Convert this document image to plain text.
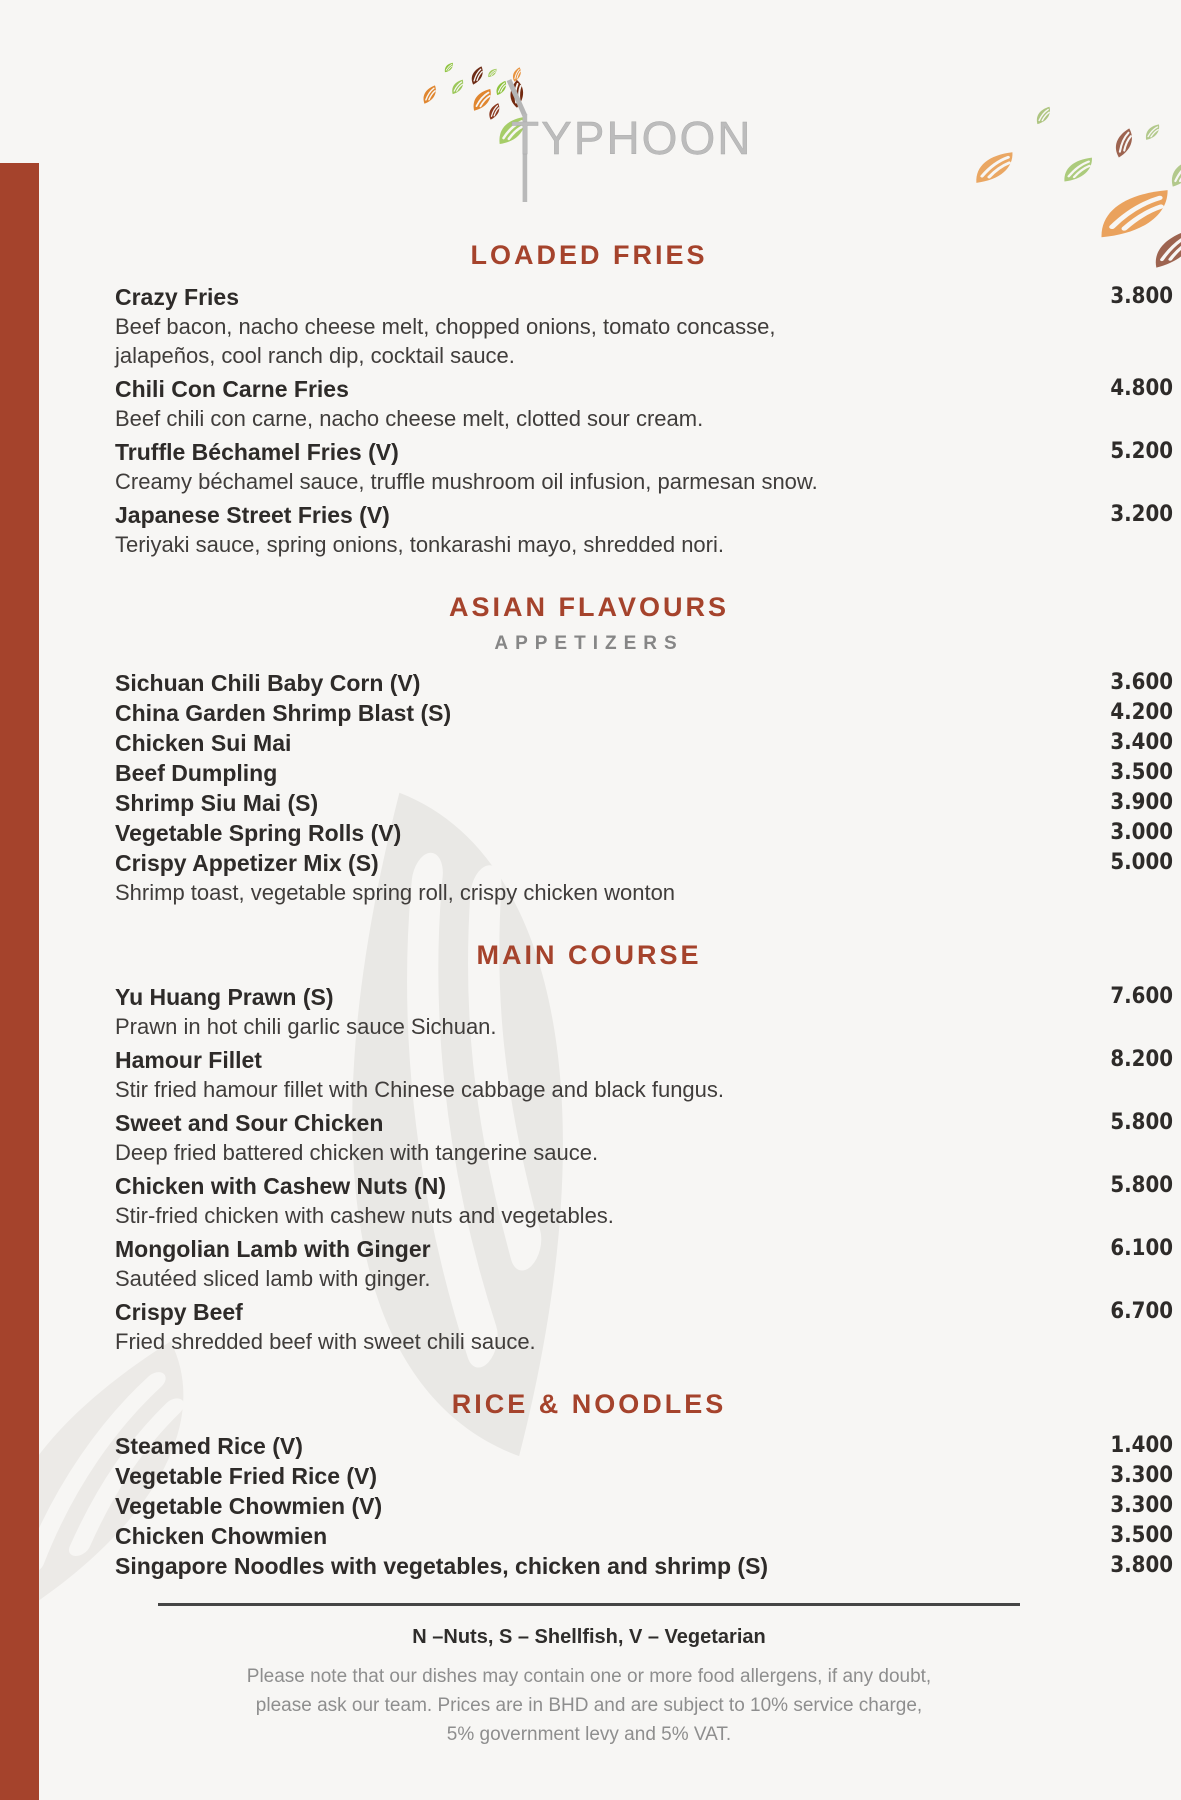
TYPHOON
LOADED FRIES
Crazy Fries	3.800
Beef bacon, nacho cheese melt, chopped onions, tomato concasse, jalapeños, cool ranch dip, cocktail sauce.
Chili Con Carne Fries	4.800
Beef chili con carne, nacho cheese melt, clotted sour cream.
Truffle Béchamel Fries (V)	5.200
Creamy béchamel sauce, truffle mushroom oil infusion, parmesan snow.
Japanese Street Fries (V)	3.200
Teriyaki sauce, spring onions, tonkarashi mayo, shredded nori.
ASIAN FLAVOURS
APPETIZERS
Sichuan Chili Baby Corn (V)	3.600
China Garden Shrimp Blast (S)	4.200
Chicken Sui Mai	3.400
Beef Dumpling	3.500
Shrimp Siu Mai (S)	3.900
Vegetable Spring Rolls (V)	3.000
Crispy Appetizer Mix (S)	5.000
Shrimp toast, vegetable spring roll, crispy chicken wonton
MAIN COURSE
Yu Huang Prawn (S)	7.600
Prawn in hot chili garlic sauce Sichuan.
Hamour Fillet	8.200
Stir fried hamour fillet with Chinese cabbage and black fungus.
Sweet and Sour Chicken	5.800
Deep fried battered chicken with tangerine sauce.
Chicken with Cashew Nuts (N)	5.800
Stir-fried chicken with cashew nuts and vegetables.
Mongolian Lamb with Ginger	6.100
Sautéed sliced lamb with ginger.
Crispy Beef	6.700
Fried shredded beef with sweet chili sauce.
RICE & NOODLES
Steamed Rice (V)	1.400
Vegetable Fried Rice (V)	3.300
Vegetable Chowmien (V)	3.300
Chicken Chowmien	3.500
Singapore Noodles with vegetables, chicken and shrimp (S)	3.800
N –Nuts, S – Shellfish, V – Vegetarian
Please note that our dishes may contain one or more food allergens, if any doubt,
please ask our team. Prices are in BHD and are subject to 10% service charge,
5% government levy and 5% VAT.
